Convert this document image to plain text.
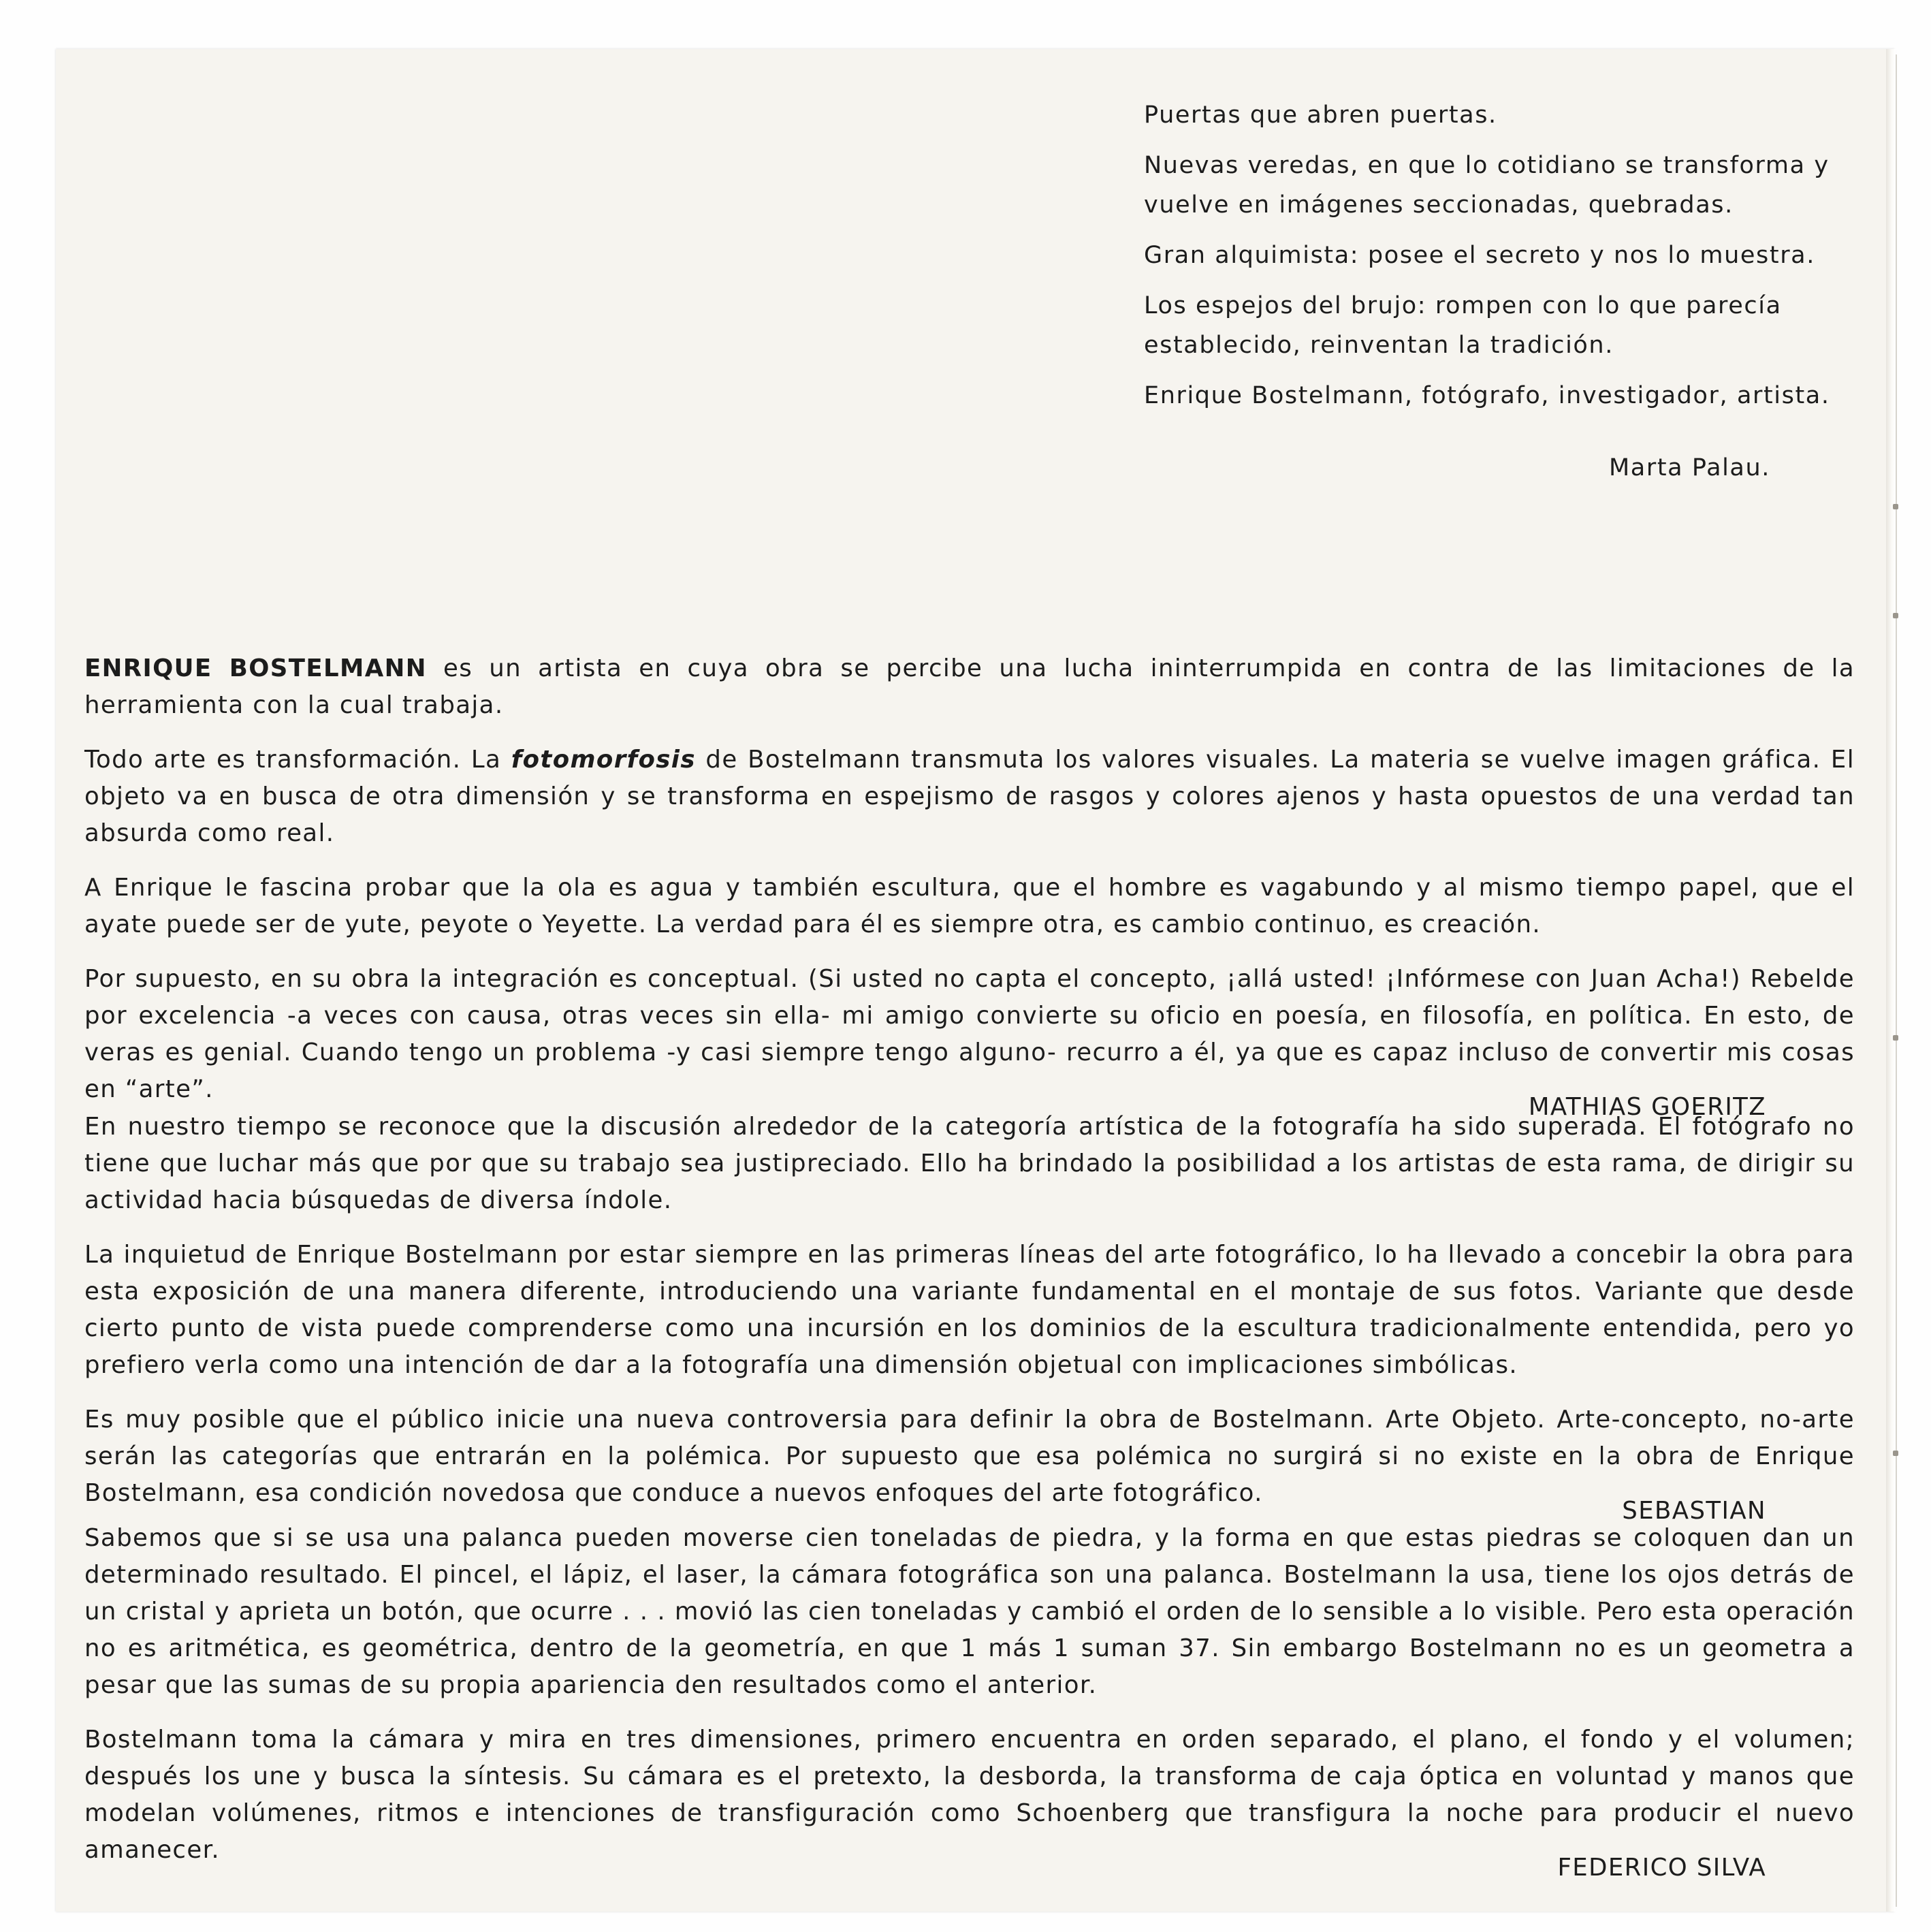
Puertas que abren puertas.

Nuevas veredas, en que lo cotidiano se transforma y vuelve en imágenes seccionadas, quebradas.

Gran alquimista: posee el secreto y nos lo muestra.

Los espejos del brujo: rompen con lo que parecía establecido, reinventan la tradición.

Enrique Bostelmann, fotógrafo, investigador, artista.

Marta Palau.

ENRIQUE BOSTELMANN es un artista en cuya obra se percibe una lucha ininterrumpida en contra de las limitaciones de la herramienta con la cual trabaja.

Todo arte es transformación. La fotomorfosis de Bostelmann transmuta los valores visuales. La materia se vuelve imagen gráfica. El objeto va en busca de otra dimensión y se transforma en espejismo de rasgos y colores ajenos y hasta opuestos de una verdad tan absurda como real.

A Enrique le fascina probar que la ola es agua y también escultura, que el hombre es vagabundo y al mismo tiempo papel, que el ayate puede ser de yute, peyote o Yeyette. La verdad para él es siempre otra, es cambio continuo, es creación.

Por supuesto, en su obra la integración es conceptual. (Si usted no capta el concepto, ¡allá usted! ¡Infórmese con Juan Acha!) Rebelde por excelencia -a veces con causa, otras veces sin ella- mi amigo convierte su oficio en poesía, en filosofía, en política. En esto, de veras es genial. Cuando tengo un problema -y casi siempre tengo alguno- recurro a él, ya que es capaz incluso de convertir mis cosas en “arte”.

MATHIAS GOERITZ

En nuestro tiempo se reconoce que la discusión alrededor de la categoría artística de la fotografía ha sido superada. El fotógrafo no tiene que luchar más que por que su trabajo sea justipreciado. Ello ha brindado la posibilidad a los artistas de esta rama, de dirigir su actividad hacia búsquedas de diversa índole.

La inquietud de Enrique Bostelmann por estar siempre en las primeras líneas del arte fotográfico, lo ha llevado a concebir la obra para esta exposición de una manera diferente, introduciendo una variante fundamental en el montaje de sus fotos. Variante que desde cierto punto de vista puede comprenderse como una incursión en los dominios de la escultura tradicionalmente entendida, pero yo prefiero verla como una intención de dar a la fotografía una dimensión objetual con implicaciones simbólicas.

Es muy posible que el público inicie una nueva controversia para definir la obra de Bostelmann. Arte Objeto. Arte-concepto, no-arte serán las categorías que entrarán en la polémica. Por supuesto que esa polémica no surgirá si no existe en la obra de Enrique Bostelmann, esa condición novedosa que conduce a nuevos enfoques del arte fotográfico.

SEBASTIAN

Sabemos que si se usa una palanca pueden moverse cien toneladas de piedra, y la forma en que estas piedras se coloquen dan un determinado resultado. El pincel, el lápiz, el laser, la cámara fotográfica son una palanca. Bostelmann la usa, tiene los ojos detrás de un cristal y aprieta un botón, que ocurre . . . movió las cien toneladas y cambió el orden de lo sensible a lo visible. Pero esta operación no es aritmética, es geométrica, dentro de la geometría, en que 1 más 1 suman 37. Sin embargo Bostelmann no es un geometra a pesar que las sumas de su propia apariencia den resultados como el anterior.

Bostelmann toma la cámara y mira en tres dimensiones, primero encuentra en orden separado, el plano, el fondo y el volumen; después los une y busca la síntesis. Su cámara es el pretexto, la desborda, la transforma de caja óptica en voluntad y manos que modelan volúmenes, ritmos e intenciones de transfiguración como Schoenberg que transfigura la noche para producir el nuevo amanecer.

FEDERICO SILVA
